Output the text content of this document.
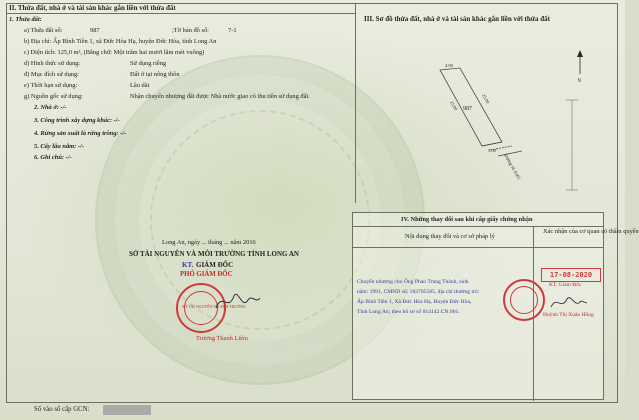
II. Thửa đất, nhà ở và tài sản khác gắn liền với thửa đất
1. Thửa đất:
a) Thửa đất số:	987	;Tờ bản đồ số:	7-1
b) Địa chỉ: Ấp Bình Tiền 1, xã Đức Hòa Hạ, huyện Đức Hòa, tỉnh Long An
c) Diện tích: 125,0 m², (Bằng chữ: Một trăm hai mươi lăm mét vuông)
d) Hình thức sử dụng:	Sử dụng riêng
đ) Mục đích sử dụng:	Đất ở tại nông thôn
e) Thời hạn sử dụng:	Lâu dài
g) Nguồn gốc sử dụng:	Nhận chuyển nhượng đất được Nhà nước giao có thu tiền sử dụng đất.
2. Nhà ở: -/-
3. Công trình xây dựng khác: -/-
4. Rừng sản xuất là rừng trồng: -/-
5. Cây lâu năm: -/-
6. Ghi chú: -/-
III. Sơ đồ thửa đất, nhà ở và tài sản khác gắn liền với thửa đất
987
4.90
5.00
25.00
25.00
Đường số A305
N
Long An, ngày ... tháng ... năm 2016
SỞ TÀI NGUYÊN VÀ MÔI TRƯỜNG TỈNH LONG AN
KT. GIÁM ĐỐC
PHÓ GIÁM ĐỐC
SỞ TÀI NGUYÊN VÀ MÔI TRƯỜNG
Trương Thanh Liêm
IV. Những thay đổi sau khi cấp giấy chứng nhận
Nội dung thay đổi và cơ sở pháp lý
Xác nhận của cơ quan có thẩm quyền
Chuyển nhượng cho Ông Phan Trung Thành, sinh
năm: 1991, CMND số: 183705585, địa chỉ thường trú:
Ấp Bình Tiền 1, Xã Đức Hòa Hạ, Huyện Đức Hòa,
Tỉnh Long An; theo hồ sơ số 014142.CN.001.
KT. Giám Đốc
Huỳnh Thị Xuân Hồng
17-08-2020
Số vào sổ cấp GCN:
